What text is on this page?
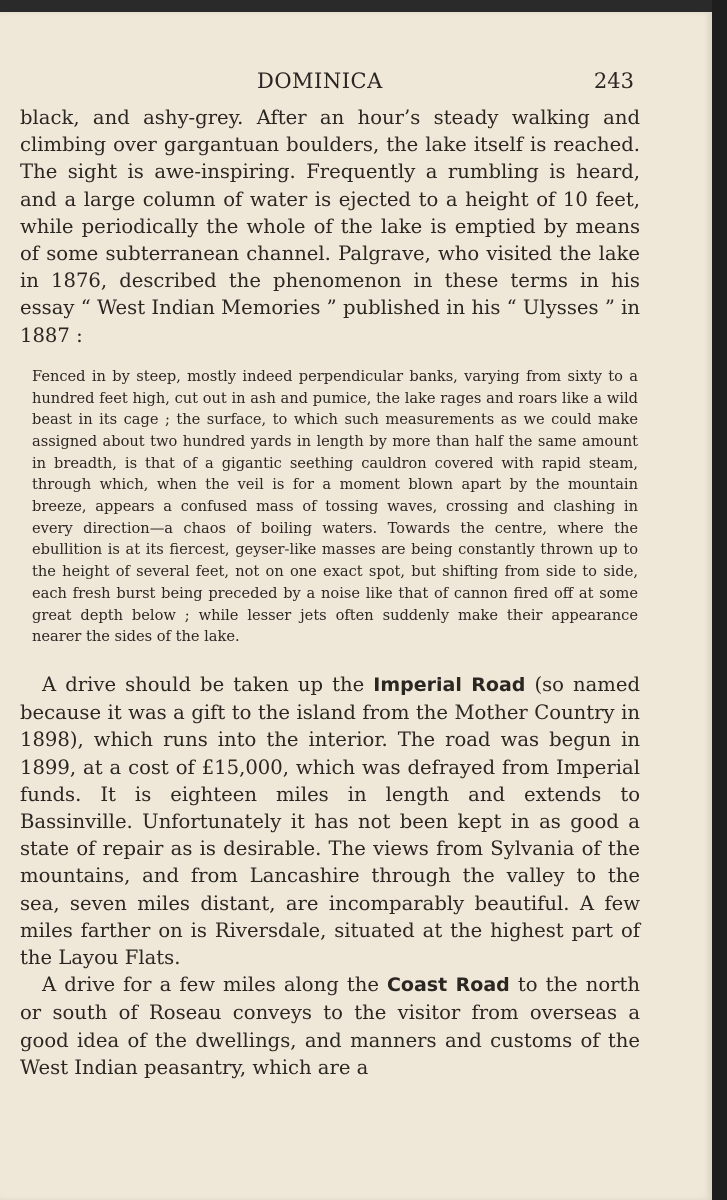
DOMINICA	243

black, and ashy-grey. After an hour’s steady walking and climbing over gargantuan boulders, the lake itself is reached. The sight is awe-inspiring. Frequently a rumbling is heard, and a large column of water is ejected to a height of 10 feet, while periodically the whole of the lake is emptied by means of some subterranean channel. Palgrave, who visited the lake in 1876, described the phenomenon in these terms in his essay “ West Indian Memories ” published in his “ Ulysses ” in 1887 :

Fenced in by steep, mostly indeed perpendicular banks, varying from sixty to a hundred feet high, cut out in ash and pumice, the lake rages and roars like a wild beast in its cage ; the surface, to which such measurements as we could make assigned about two hundred yards in length by more than half the same amount in breadth, is that of a gigantic seething cauldron covered with rapid steam, through which, when the veil is for a moment blown apart by the mountain breeze, appears a confused mass of tossing waves, crossing and clashing in every direction—a chaos of boiling waters. Towards the centre, where the ebullition is at its fiercest, geyser-like masses are being constantly thrown up to the height of several feet, not on one exact spot, but shifting from side to side, each fresh burst being preceded by a noise like that of cannon fired off at some great depth below ; while lesser jets often suddenly make their appearance nearer the sides of the lake.

A drive should be taken up the Imperial Road (so named because it was a gift to the island from the Mother Country in 1898), which runs into the interior. The road was begun in 1899, at a cost of £15,000, which was defrayed from Imperial funds. It is eighteen miles in length and extends to Bassinville. Unfortunately it has not been kept in as good a state of repair as is desirable. The views from Sylvania of the mountains, and from Lancashire through the valley to the sea, seven miles distant, are incomparably beautiful. A few miles farther on is Riversdale, situated at the highest part of the Layou Flats.

A drive for a few miles along the Coast Road to the north or south of Roseau conveys to the visitor from overseas a good idea of the dwellings, and manners and customs of the West Indian peasantry, which are a
